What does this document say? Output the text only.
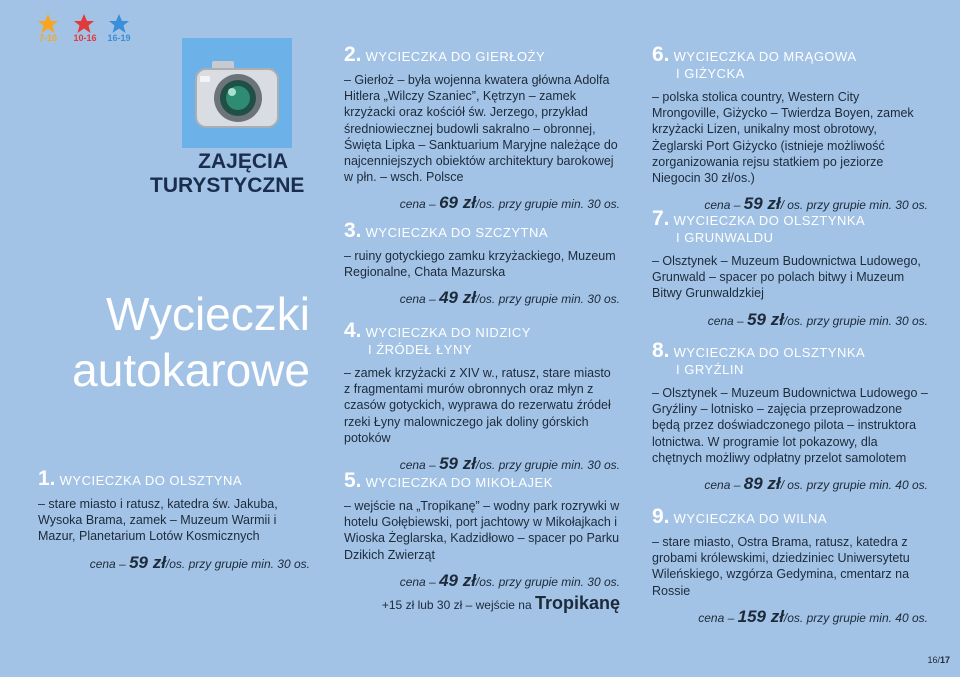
7-10	10-16	16-19
ZAJĘCIA
TURYSTYCZNE
Wycieczki
autokarowe
1. WYCIECZKA DO OLSZTYNA
– stare miasto i ratusz, katedra św. Jakuba, Wysoka Brama, zamek – Muzeum Warmii i Mazur, Planetarium Lotów Kosmicznych
cena – 59 zł/os. przy grupie min. 30 os.
2. WYCIECZKA DO GIERŁOŻY
– Gierłoż – była wojenna kwatera główna Adolfa Hitlera „Wilczy Szaniec”, Kętrzyn – zamek krzyżacki oraz kościół św. Jerzego, przykład średniowiecznej budowli sakralno – obronnej, Święta Lipka – Sanktuarium Maryjne należące do najcenniejszych obiektów architektury barokowej w płn. – wsch. Polsce
cena – 69 zł/os. przy grupie min. 30 os.
3. WYCIECZKA DO SZCZYTNA
– ruiny gotyckiego zamku krzyżackiego, Muzeum Regionalne, Chata Mazurska
cena – 49 zł/os. przy grupie min. 30 os.
4. WYCIECZKA DO NIDZICY
I ŹRÓDEŁ ŁYNY
– zamek krzyżacki z XIV w., ratusz, stare miasto z fragmentami murów obronnych oraz młyn z czasów gotyckich, wyprawa do rezerwatu źródeł rzeki Łyny malowniczego jak doliny górskich potoków
cena – 59 zł/os. przy grupie min. 30 os.
5. WYCIECZKA DO MIKOŁAJEK
– wejście na „Tropikanę” – wodny park rozrywki w hotelu Gołębiewski, port jachtowy w Mikołajkach i Wioska Żeglarska, Kadzidłowo – spacer po Parku Dzikich Zwierząt
cena – 49 zł/os. przy grupie min. 30 os.
+15 zł lub 30 zł – wejście na Tropikanę
6. WYCIECZKA DO MRĄGOWA
I GIŻYCKA
– polska stolica country, Western City Mrongoville, Giżycko – Twierdza Boyen, zamek krzyżacki Lizen, unikalny most obrotowy, Żeglarski Port Giżycko (istnieje możliwość zorganizowania rejsu statkiem po jeziorze Niegocin 30 zł/os.)
cena – 59 zł/ os. przy grupie min. 30 os.
7. WYCIECZKA DO OLSZTYNKA
I GRUNWALDU
– Olsztynek – Muzeum Budownictwa Ludowego, Grunwald – spacer po polach bitwy i Muzeum Bitwy Grunwaldzkiej
cena – 59 zł/os. przy grupie min. 30 os.
8. WYCIECZKA DO OLSZTYNKA
I GRYŹLIN
– Olsztynek – Muzeum Budownictwa Ludowego – Gryźliny – lotnisko – zajęcia przeprowadzone będą przez doświadczonego pilota – instruktora lotnictwa. W programie lot pokazowy, dla chętnych możliwy odpłatny przelot samolotem
cena – 89 zł/ os. przy grupie min. 40 os.
9. WYCIECZKA DO WILNA
– stare miasto, Ostra Brama, ratusz, katedra z grobami królewskimi, dziedziniec Uniwersytetu Wileńskiego, wzgórza Gedymina, cmentarz na Rossie
cena – 159 zł/os. przy grupie min. 40 os.
16/17
